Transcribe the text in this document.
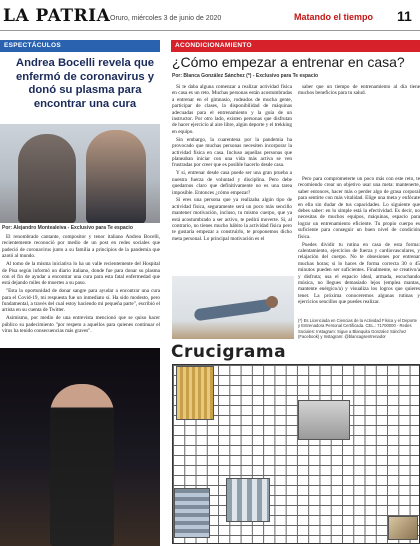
LA PATRIA Oruro, miércoles 3 de junio de 2020	Matando el tiempo 11
ESPECTÁCULOS	ACONDICIONAMIENTO
Andrea Bocelli revela que enfermó de coronavirus y donó su plasma para encontrar una cura
Por: Alejandro Montealeiva - Exclusivo para Te espacio

El renombrado cantante, compositor y tenor italiano Andrea Bocelli, recientemente reconoció por medio de un post en redes sociales que padeció de coronavirus junto a su familia a principios de la pandemia que azotó al mundo.

Al tomo de la misma iniciativa lo ha un valle recientemente del Hospital de Pisa según informó un diario italiano, donde fue para donar su plasma con el fin de ayudar a encontrar una cura para esta fatal enfermedad que está dejando miles de muertes a su paso.

"Esta la oportunidad de donar sangre para ayudar a encontrar una cura para el Covid-19, mi respuesta fue un inmediato sí. Ha sido modesto, pero fundamental, a través del cual estoy haciendo mi pequeña parte", escribió el artista en su cuenta de Twitter.

Asimismo, por medio de una entrevista mencionó que se quiso hacer público su padecimiento "por respeto a aquellos para quienes continuar el virus ha tenido consecuencias más graves".

¿Cómo empezar a entrenar en casa?
Por: Blanca González Sánchez (*) - Exclusivo para Te espacio

Si te daba alguna comenzar a realizar actividad física en casa es un reto. Muchas personas están acostumbradas a entrenar en el gimnasio, rodeados de mucha gente, participar de clases, la disponibilidad de máquinas adecuadas para el entrenamiento y la guía de un instructor. Por otro lado, existen personas que disfrutan de hacer ejercicio al aire libre, algún deporte y el trekking en equipo.

Sin embargo, la cuarentena por la pandemia ha provocado que muchas personas necesiten incorporar la actividad física en casa. Incluso aquellas personas que planeaban iniciar con una vida más activa se ven frustradas por creer que es posible hacerlo desde casa.

Y sí, entrenar desde casa puede ser una gran prueba a nuestra fuerza de voluntad y disciplina. Pero debe quedarnos claro que definitivamente no es una tarea imposible. Entonces ¿cómo empezar?

Si eres una persona que ya realizaba algún tipo de actividad física, seguramente será un poco más sencillo mantener motivación, incluso, tu mismo cuerpo, que ya está acostumbrado a ser activo, te pedirá moverte. Si, al contrario, no tienes mucho hábito la actividad física pero te gustaría empezar a construirlo, te proponemos dicho meta personal. Lo principal motivación es el

saber que un tiempo de entrenamiento al día tiene muchos beneficios para tu salud.

Pero para comprometerte un poco más con este reto, te recomiendo crear un objetivo usar una meta: mantenerte, saber entonces, hacer más o perder algo de grasa corporal para sentirte con más vitalidad. Elige una meta y enfócate en ella sin dudar de tus capacidades. Lo siguiente que debes saber: en lo simple está la efectividad. Es decir, no necesitas de muchos equipos, máquinas, espacio para lograr un entrenamiento eficiente. Tu propio cuerpo es suficiente para conseguir un buen nivel de condición física.

Puedes dividir tu rutina en casa de esta forma: calentamiento, ejercicios de fuerza y cardiovasculares, y relajación del cuerpo. No te obsesiones por entrenar muchas horas; si lo haces de forma correcta 30 o 45 minutos pueden ser suficientes. Finalmente, se creativo/a y disfruta; usa el espacio ideal, armada, escuchando música, no llegues demasiado lejos (emplea mantas, mantente enérgico/a) y visualiza los logros que quieres tener. La próxima conoceremos algunas rutinas y ejercicios sencillos que puedes realizar.

(*) Es Licenciada en Ciencias de la Actividad Física y el Deporte y Entrenadora Personal Certificada. CEL.: 71700000 - Redes Sociales: Instagram: Sigue a Blanquita Gonzalez Sánchez (Facebook) y Instagram: @blancagsentrenador
Crucigrama
